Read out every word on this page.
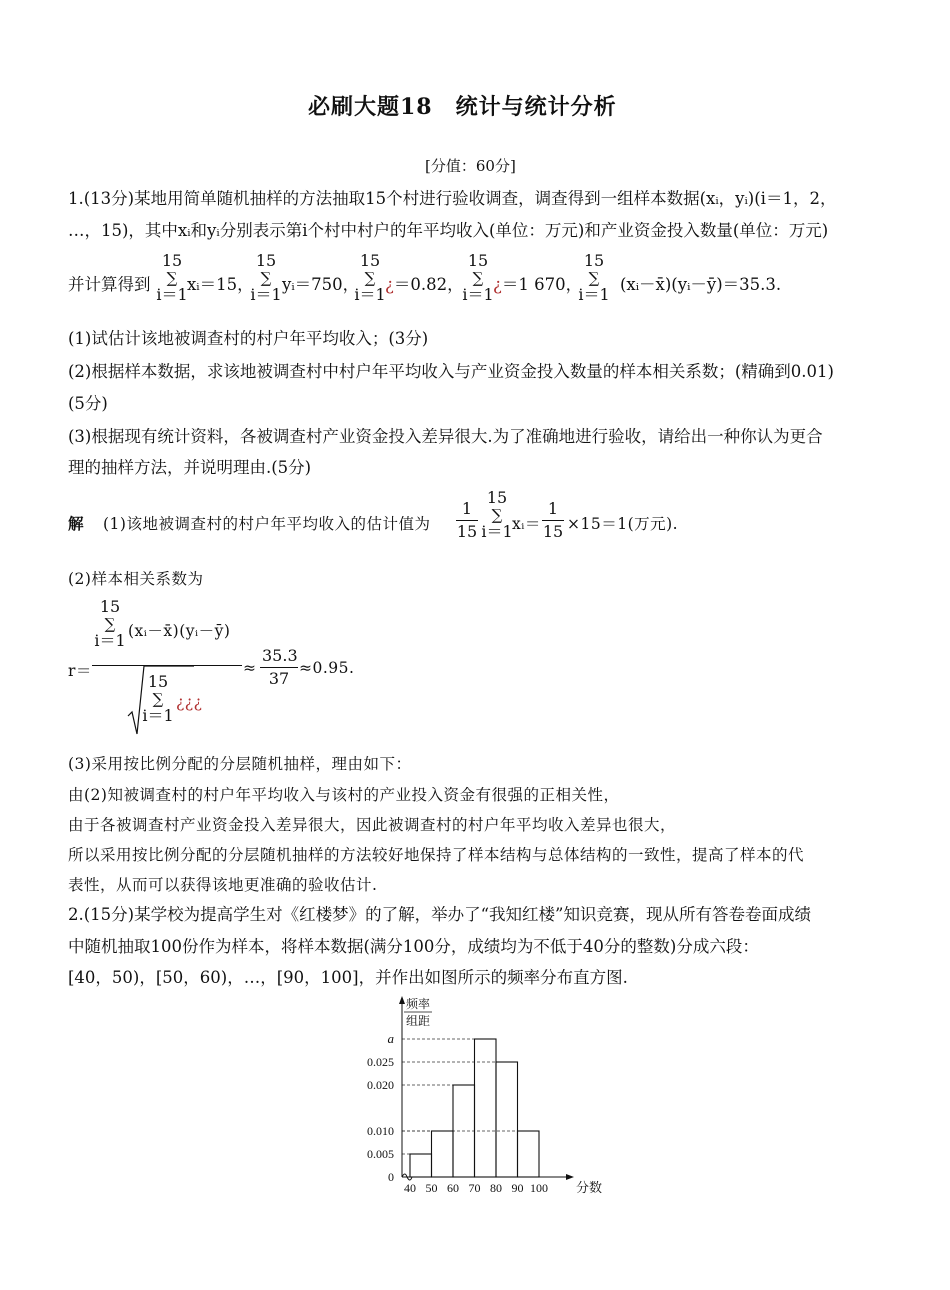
必刷大题18　统计与统计分析
[分值：60分]
1.(13分)某地用简单随机抽样的方法抽取15个村进行验收调查，调查得到一组样本数据(xᵢ，yᵢ)(i＝1，2，
…，15)，其中xᵢ和yᵢ分别表示第i个村中村户的年平均收入(单位：万元)和产业资金投入数量(单位：万元)
并计算得到
15
∑
i＝1
xᵢ＝15，
15
∑
i＝1
yᵢ＝750，
15
∑
i＝1
¿＝0.82，
15
∑
i＝1
¿＝1 670，
15
∑
i＝1
(xᵢ－x̄)(yᵢ－ȳ)＝35.3.
(1)试估计该地被调查村的村户年平均收入；(3分)
(2)根据样本数据，求该地被调查村中村户年平均收入与产业资金投入数量的样本相关系数；(精确到0.01)
(5分)
(3)根据现有统计资料，各被调查村产业资金投入差异很大.为了准确地进行验收，请给出一种你认为更合
理的抽样方法，并说明理由.(5分)
解 (1)该地被调查村的村户年平均收入的估计值为 $\frac{1}{15}$
15
∑
i＝1 xᵢ＝ $\frac{1}{15} \times 15=1$(万元).
(2)样本相关系数为
15
∑
i＝1 (xᵢ－x̄)(yᵢ－ȳ)
r＝
15
∑
i＝1
¿¿¿
≈ $\frac{35.3}{37} \approx 0.95$.
(3)采用按比例分配的分层随机抽样，理由如下：
由(2)知被调查村的村户年平均收入与该村的产业投入资金有很强的正相关性，
由于各被调查村产业资金投入差异很大，因此被调查村的村户年平均收入差异也很大，
所以采用按比例分配的分层随机抽样的方法较好地保持了样本结构与总体结构的一致性，提高了样本的代
表性，从而可以获得该地更准确的验收估计.
2.(15分)某学校为提高学生对《红楼梦》的了解，举办了“我知红楼”知识竞赛，现从所有答卷卷面成绩
中随机抽取100份作为样本，将样本数据(满分100分，成绩均为不低于40分的整数)分成六段：
[40，50)，[50，60)，…，[90，100]，并作出如图所示的频率分布直方图.
0
0.005
0.010
0.020
0.025
a
40 50 60 70 80 90 100 分数
频率
组距
